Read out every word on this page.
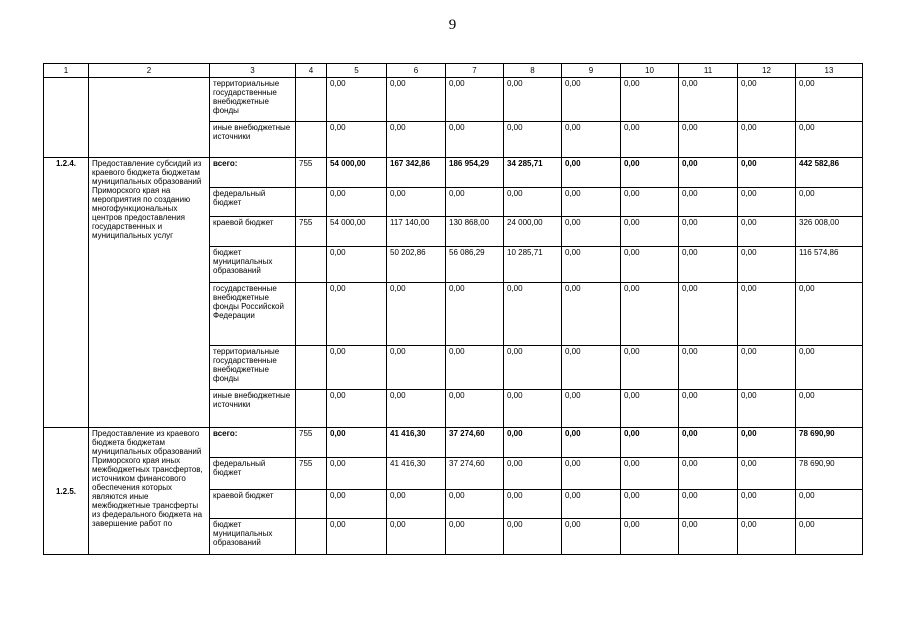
9
1	2	3	4	5	6	7	8	9	10	11	12	13
		территориальные государственные внебюджетные фонды		0,00	0,00	0,00	0,00	0,00	0,00	0,00	0,00	0,00
		иные внебюджетные источники		0,00	0,00	0,00	0,00	0,00	0,00	0,00	0,00	0,00
1.2.4.	Предоставление субсидий из краевого бюджета бюджетам муниципальных образований Приморского края на мероприятия по созданию многофункциональных центров предоставления государственных и муниципальных услуг	всего:	755	54 000,00	167 342,86	186 954,29	34 285,71	0,00	0,00	0,00	0,00	442 582,86
		федеральный бюджет		0,00	0,00	0,00	0,00	0,00	0,00	0,00	0,00	0,00
		краевой бюджет	755	54 000,00	117 140,00	130 868,00	24 000,00	0,00	0,00	0,00	0,00	326 008,00
		бюджет муниципальных образований		0,00	50 202,86	56 086,29	10 285,71	0,00	0,00	0,00	0,00	116 574,86
		государственные внебюджетные фонды Российской Федерации		0,00	0,00	0,00	0,00	0,00	0,00	0,00	0,00	0,00
		территориальные государственные внебюджетные фонды		0,00	0,00	0,00	0,00	0,00	0,00	0,00	0,00	0,00
		иные внебюджетные источники		0,00	0,00	0,00	0,00	0,00	0,00	0,00	0,00	0,00
1.2.5.	Предоставление из краевого бюджета бюджетам муниципальных образований Приморского края иных межбюджетных трансфертов, источником финансового обеспечения которых являются иные межбюджетные трансферты из федерального бюджета на завершение работ по	всего:	755	0,00	41 416,30	37 274,60	0,00	0,00	0,00	0,00	0,00	78 690,90
		федеральный бюджет	755	0,00	41 416,30	37 274,60	0,00	0,00	0,00	0,00	0,00	78 690,90
		краевой бюджет		0,00	0,00	0,00	0,00	0,00	0,00	0,00	0,00	0,00
		бюджет муниципальных образований		0,00	0,00	0,00	0,00	0,00	0,00	0,00	0,00	0,00
